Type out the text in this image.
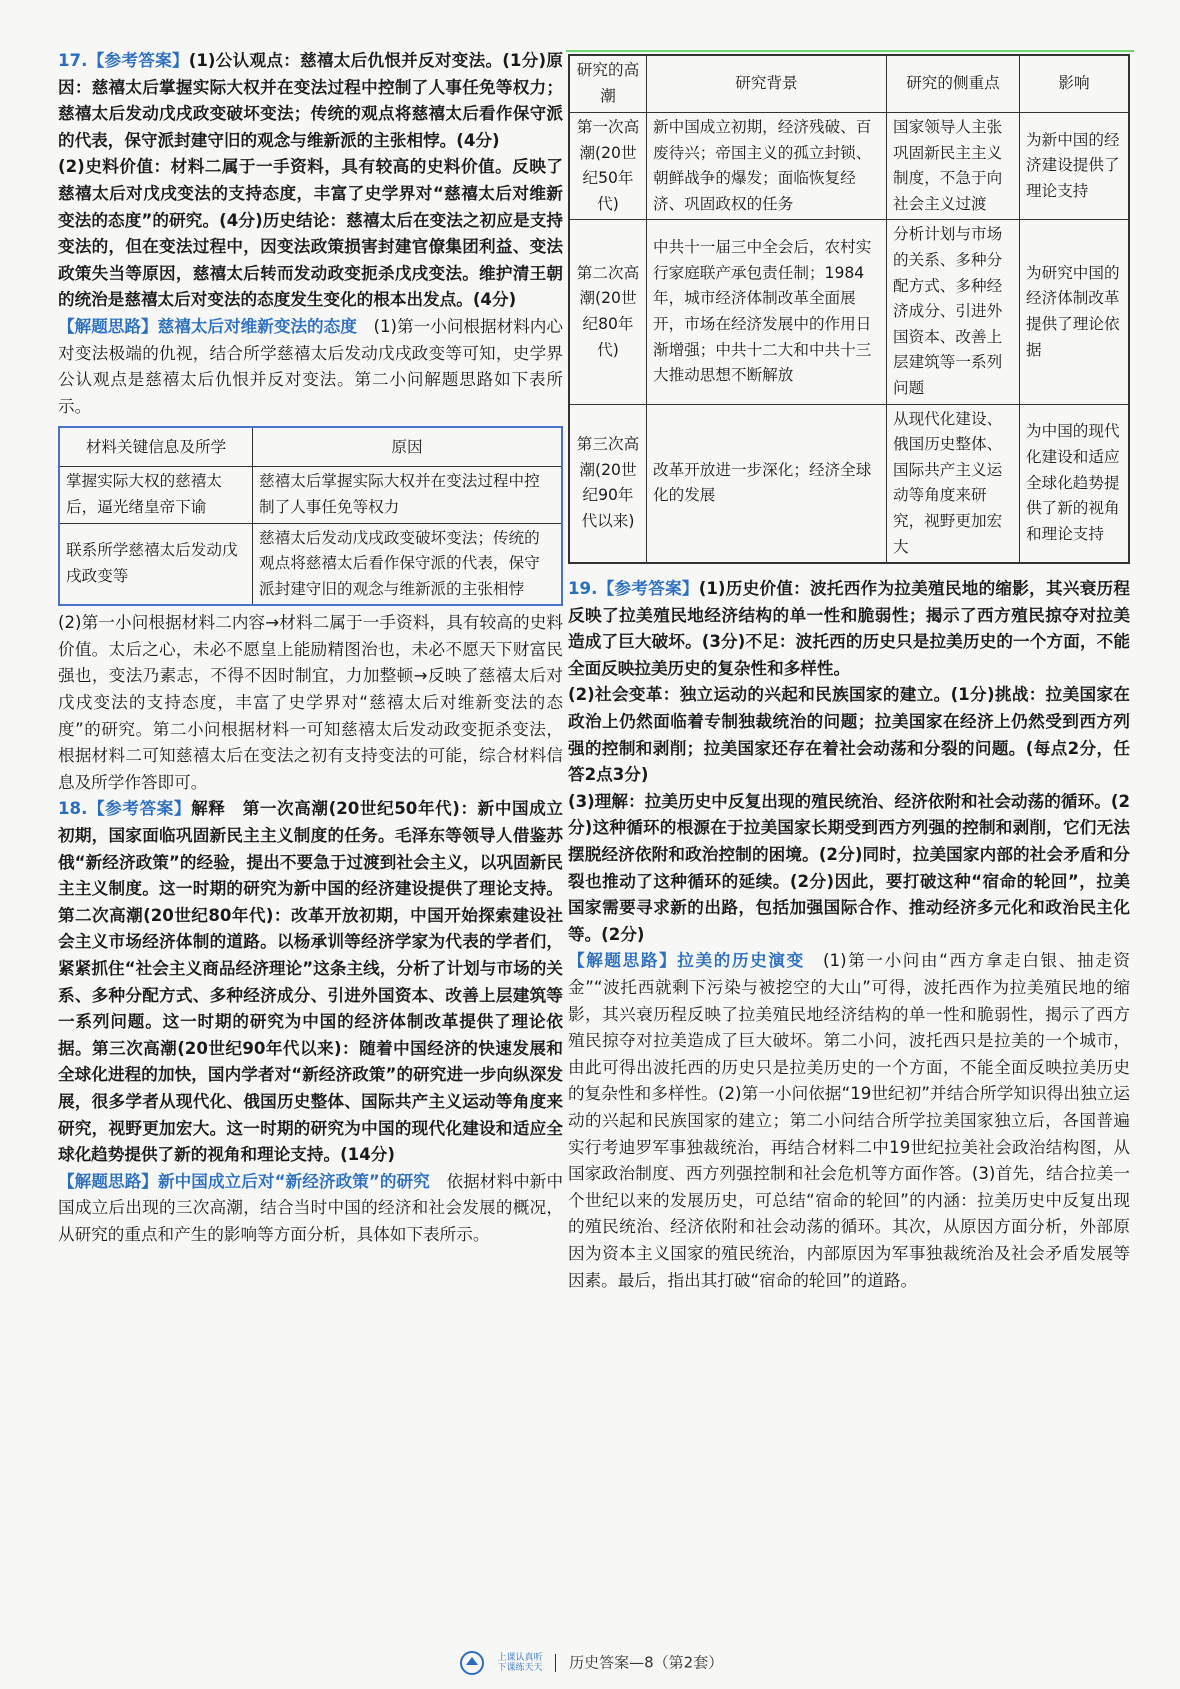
17.【参考答案】(1)公认观点：慈禧太后仇恨并反对变法。(1分)原因：慈禧太后掌握实际大权并在变法过程中控制了人事任免等权力；慈禧太后发动戊戌政变破坏变法；传统的观点将慈禧太后看作保守派的代表，保守派封建守旧的观念与维新派的主张相悖。(4分)

(2)史料价值：材料二属于一手资料，具有较高的史料价值。反映了慈禧太后对戊戌变法的支持态度，丰富了史学界对“慈禧太后对维新变法的态度”的研究。(4分)历史结论：慈禧太后在变法之初应是支持变法的，但在变法过程中，因变法政策损害封建官僚集团利益、变法政策失当等原因，慈禧太后转而发动政变扼杀戊戌变法。维护清王朝的统治是慈禧太后对变法的态度发生变化的根本出发点。(4分)

【解题思路】慈禧太后对维新变法的态度　 (1)第一小问根据材料内心对变法极端的仇视，结合所学慈禧太后发动戊戌政变等可知，史学界公认观点是慈禧太后仇恨并反对变法。第二小问解题思路如下表所示。

材料关键信息及所学	原因
掌握实际大权的慈禧太后，逼光绪皇帝下谕	慈禧太后掌握实际大权并在变法过程中控制了人事任免等权力
联系所学慈禧太后发动戊戌政变等	慈禧太后发动戊戌政变破坏变法；传统的观点将慈禧太后看作保守派的代表，保守派封建守旧的观念与维新派的主张相悖

(2)第一小问根据材料二内容→材料二属于一手资料，具有较高的史料价值。太后之心，未必不愿皇上能励精图治也，未必不愿天下财富民强也，变法乃素志，不得不因时制宜，力加整顿→反映了慈禧太后对戊戌变法的支持态度，丰富了史学界对“慈禧太后对维新变法的态度”的研究。第二小问根据材料一可知慈禧太后发动政变扼杀变法，根据材料二可知慈禧太后在变法之初有支持变法的可能，综合材料信息及所学作答即可。

18.【参考答案】解释　第一次高潮(20世纪50年代)：新中国成立初期，国家面临巩固新民主主义制度的任务。毛泽东等领导人借鉴苏俄“新经济政策”的经验，提出不要急于过渡到社会主义，以巩固新民主主义制度。这一时期的研究为新中国的经济建设提供了理论支持。第二次高潮(20世纪80年代)：改革开放初期，中国开始探索建设社会主义市场经济体制的道路。以杨承训等经济学家为代表的学者们，紧紧抓住“社会主义商品经济理论”这条主线，分析了计划与市场的关系、多种分配方式、多种经济成分、引进外国资本、改善上层建筑等一系列问题。这一时期的研究为中国的经济体制改革提供了理论依据。第三次高潮(20世纪90年代以来)：随着中国经济的快速发展和全球化进程的加快，国内学者对“新经济政策”的研究进一步向纵深发展，很多学者从现代化、俄国历史整体、国际共产主义运动等角度来研究，视野更加宏大。这一时期的研究为中国的现代化建设和适应全球化趋势提供了新的视角和理论支持。(14分)

【解题思路】新中国成立后对“新经济政策”的研究　 依据材料中新中国成立后出现的三次高潮，结合当时中国的经济和社会发展的概况，从研究的重点和产生的影响等方面分析，具体如下表所示。

研究的高潮	研究背景	研究的侧重点	影响
第一次高潮(20世纪50年代)	新中国成立初期，经济残破、百废待兴；帝国主义的孤立封锁、朝鲜战争的爆发；面临恢复经济、巩固政权的任务	国家领导人主张巩固新民主主义制度，不急于向社会主义过渡	为新中国的经济建设提供了理论支持
第二次高潮(20世纪80年代)	中共十一届三中全会后，农村实行家庭联产承包责任制；1984年，城市经济体制改革全面展开，市场在经济发展中的作用日渐增强；中共十二大和中共十三大推动思想不断解放	分析计划与市场的关系、多种分配方式、多种经济成分、引进外国资本、改善上层建筑等一系列问题	为研究中国的经济体制改革提供了理论依据
第三次高潮(20世纪90年代以来)	改革开放进一步深化；经济全球化的发展	从现代化建设、俄国历史整体、国际共产主义运动等角度来研究，视野更加宏大	为中国的现代化建设和适应全球化趋势提供了新的视角和理论支持

19.【参考答案】(1)历史价值：波托西作为拉美殖民地的缩影，其兴衰历程反映了拉美殖民地经济结构的单一性和脆弱性；揭示了西方殖民掠夺对拉美造成了巨大破坏。(3分)不足：波托西的历史只是拉美历史的一个方面，不能全面反映拉美历史的复杂性和多样性。

(2)社会变革：独立运动的兴起和民族国家的建立。(1分)挑战：拉美国家在政治上仍然面临着专制独裁统治的问题；拉美国家在经济上仍然受到西方列强的控制和剥削；拉美国家还存在着社会动荡和分裂的问题。(每点2分，任答2点3分)

(3)理解：拉美历史中反复出现的殖民统治、经济依附和社会动荡的循环。(2分)这种循环的根源在于拉美国家长期受到西方列强的控制和剥削，它们无法摆脱经济依附和政治控制的困境。(2分)同时，拉美国家内部的社会矛盾和分裂也推动了这种循环的延续。(2分)因此，要打破这种“宿命的轮回”，拉美国家需要寻求新的出路，包括加强国际合作、推动经济多元化和政治民主化等。(2分)

【解题思路】拉美的历史演变　 (1)第一小问由“西方拿走白银、抽走资金”“波托西就剩下污染与被挖空的大山”可得，波托西作为拉美殖民地的缩影，其兴衰历程反映了拉美殖民地经济结构的单一性和脆弱性，揭示了西方殖民掠夺对拉美造成了巨大破坏。第二小问，波托西只是拉美的一个城市，由此可得出波托西的历史只是拉美历史的一个方面，不能全面反映拉美历史的复杂性和多样性。(2)第一小问依据“19世纪初”并结合所学知识得出独立运动的兴起和民族国家的建立；第二小问结合所学拉美国家独立后，各国普遍实行考迪罗军事独裁统治，再结合材料二中19世纪拉美社会政治结构图，从国家政治制度、西方列强控制和社会危机等方面作答。(3)首先，结合拉美一个世纪以来的发展历史，可总结“宿命的轮回”的内涵：拉美历史中反复出现的殖民统治、经济依附和社会动荡的循环。其次，从原因方面分析，外部原因为资本主义国家的殖民统治，内部原因为军事独裁统治及社会矛盾发展等因素。最后，指出其打破“宿命的轮回”的道路。

上课认真听
下课练天天 历史答案—8（第2套）
